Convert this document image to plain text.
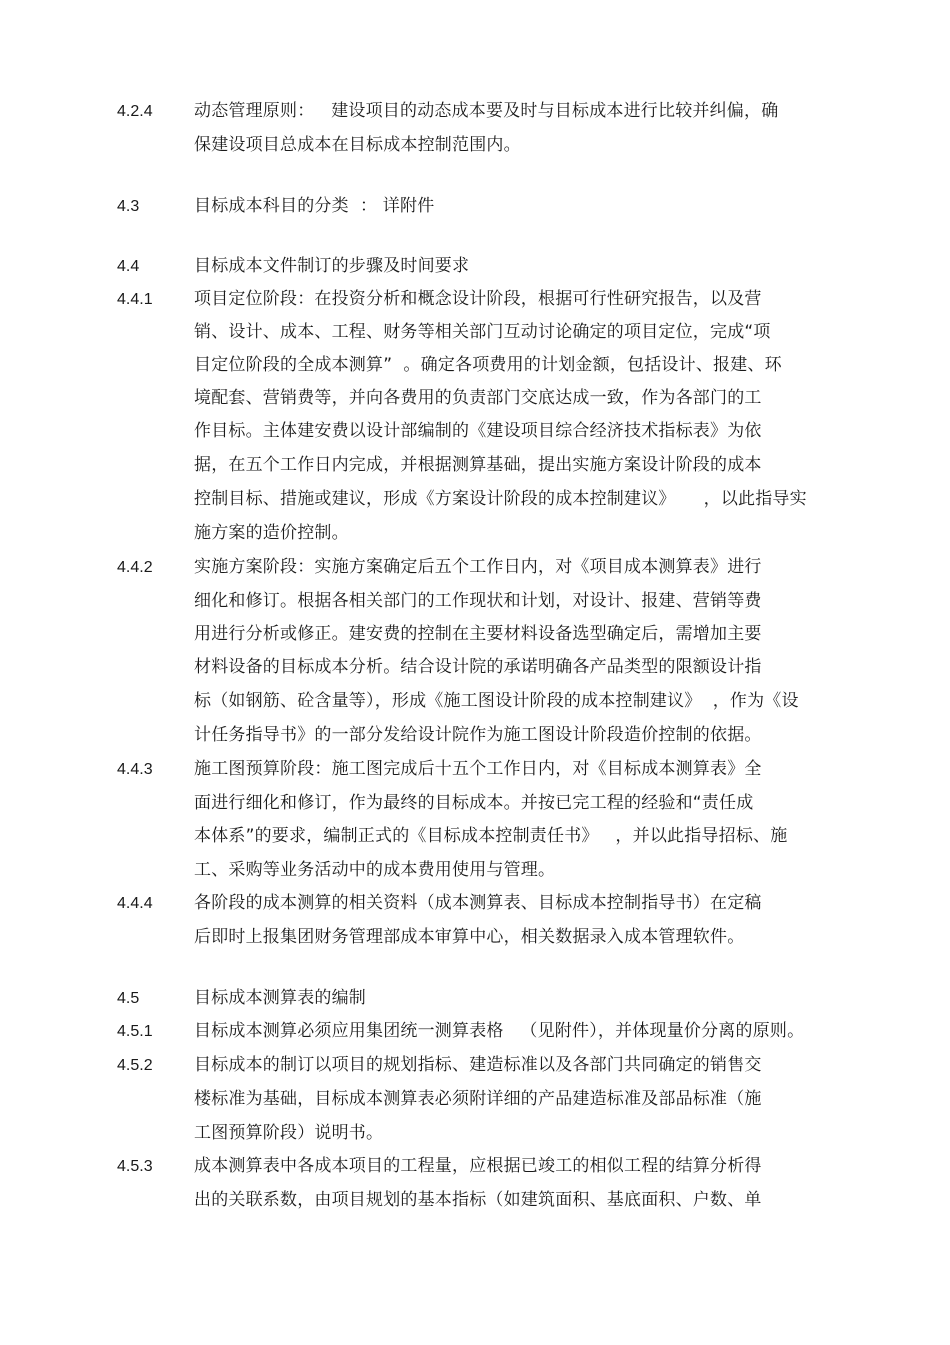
4.2.4 动态管理原则：   建设项目的动态成本要及时与目标成本进行比较并纠偏，确
保建设项目总成本在目标成本控制范围内。
4.3	目标成本科目的分类  ： 详附件
4.4	目标成本文件制订的步骤及时间要求
4.4.1 项目定位阶段：在投资分析和概念设计阶段，根据可行性研究报告，以及营
销、设计、成本、工程、财务等相关部门互动讨论确定的项目定位，完成“项
目定位阶段的全成本测算”  。确定各项费用的计划金额，包括设计、报建、环
境配套、营销费等，并向各费用的负责部门交底达成一致，作为各部门的工
作目标。主体建安费以设计部编制的《建设项目综合经济技术指标表》为依
据，在五个工作日内完成，并根据测算基础，提出实施方案设计阶段的成本
控制目标、措施或建议，形成《方案设计阶段的成本控制建议》     ，以此指导实
施方案的造价控制。
4.4.2 实施方案阶段：实施方案确定后五个工作日内，对《项目成本测算表》进行
细化和修订。根据各相关部门的工作现状和计划，对设计、报建、营销等费
用进行分析或修正。建安费的控制在主要材料设备选型确定后，需增加主要
材料设备的目标成本分析。结合设计院的承诺明确各产品类型的限额设计指
标（如钢筋、砼含量等），形成《施工图设计阶段的成本控制建议》  ，作为《设
计任务指导书》的一部分发给设计院作为施工图设计阶段造价控制的依据。
4.4.3 施工图预算阶段：施工图完成后十五个工作日内，对《目标成本测算表》全
面进行细化和修订，作为最终的目标成本。并按已完工程的经验和“责任成
本体系”的要求，编制正式的《目标成本控制责任书》   ，并以此指导招标、施
工、采购等业务活动中的成本费用使用与管理。
4.4.4 各阶段的成本测算的相关资料（成本测算表、目标成本控制指导书）在定稿
后即时上报集团财务管理部成本审算中心，相关数据录入成本管理软件。
4.5	目标成本测算表的编制
4.5.1 目标成本测算必须应用集团统一测算表格   （见附件），并体现量价分离的原则。
4.5.2 目标成本的制订以项目的规划指标、建造标准以及各部门共同确定的销售交
楼标准为基础，目标成本测算表必须附详细的产品建造标准及部品标准（施
工图预算阶段）说明书。
4.5.3 成本测算表中各成本项目的工程量，应根据已竣工的相似工程的结算分析得
出的关联系数，由项目规划的基本指标（如建筑面积、基底面积、户数、单
